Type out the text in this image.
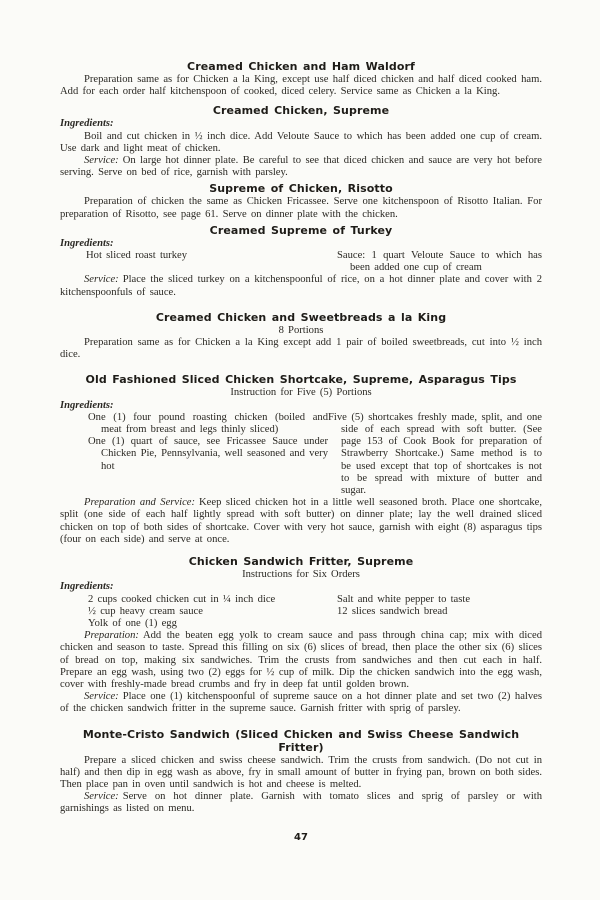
Creamed Chicken and Ham Waldorf

Preparation same as for Chicken a la King, except use half diced chicken and half diced cooked ham. Add for each order half kitchenspoon of cooked, diced celery. Service same as Chicken a la King.

Creamed Chicken, Supreme
Ingredients:

Boil and cut chicken in ½ inch dice. Add Veloute Sauce to which has been added one cup of cream. Use dark and light meat of chicken.

Service: On large hot dinner plate. Be careful to see that diced chicken and sauce are very hot before serving. Serve on bed of rice, garnish with parsley.

Supreme of Chicken, Risotto

Preparation of chicken the same as Chicken Fricassee. Serve one kitchenspoon of Risotto Italian. For preparation of Risotto, see page 61. Serve on dinner plate with the chicken.

Creamed Supreme of Turkey
Ingredients:
Hot sliced roast turkey	Sauce: 1 quart Veloute Sauce to which has been added one cup of cream

Service: Place the sliced turkey on a kitchenspoonful of rice, on a hot dinner plate and cover with 2 kitchenspoonfuls of sauce.

Creamed Chicken and Sweetbreads a la King
8 Portions

Preparation same as for Chicken a la King except add 1 pair of boiled sweetbreads, cut into ½ inch dice.

Old Fashioned Sliced Chicken Shortcake, Supreme, Asparagus Tips
Instruction for Five (5) Portions
Ingredients:
One (1) four pound roasting chicken (boiled and meat from breast and legs thinly sliced)
One (1) quart of sauce, see Fricassee Sauce under Chicken Pie, Pennsylvania, well seasoned and very hot
Five (5) shortcakes freshly made, split, and one side of each spread with soft butter. (See page 153 of Cook Book for preparation of Strawberry Shortcake.) Same method is to be used except that top of shortcakes is not to be spread with mixture of butter and sugar.

Preparation and Service: Keep sliced chicken hot in a little well seasoned broth. Place one shortcake, split (one side of each half lightly spread with soft butter) on dinner plate; lay the well drained sliced chicken on top of both sides of shortcake. Cover with very hot sauce, garnish with eight (8) asparagus tips (four on each side) and serve at once.

Chicken Sandwich Fritter, Supreme
Instructions for Six Orders
Ingredients:
2 cups cooked chicken cut in ¼ inch dice
½ cup heavy cream sauce
Yolk of one (1) egg
Salt and white pepper to taste
12 slices sandwich bread

Preparation: Add the beaten egg yolk to cream sauce and pass through china cap; mix with diced chicken and season to taste. Spread this filling on six (6) slices of bread, then place the other six (6) slices of bread on top, making six sandwiches. Trim the crusts from sandwiches and then cut each in half. Prepare an egg wash, using two (2) eggs for ½ cup of milk. Dip the chicken sandwich into the egg wash, cover with freshly-made bread crumbs and fry in deep fat until golden brown.

Service: Place one (1) kitchenspoonful of supreme sauce on a hot dinner plate and set two (2) halves of the chicken sandwich fritter in the supreme sauce. Garnish fritter with sprig of parsley.

Monte-Cristo Sandwich (Sliced Chicken and Swiss Cheese Sandwich Fritter)

Prepare a sliced chicken and swiss cheese sandwich. Trim the crusts from sandwich. (Do not cut in half) and then dip in egg wash as above, fry in small amount of butter in frying pan, brown on both sides. Then place pan in oven until sandwich is hot and cheese is melted.

Service: Serve on hot dinner plate. Garnish with tomato slices and sprig of parsley or with garnishings as listed on menu.

47
